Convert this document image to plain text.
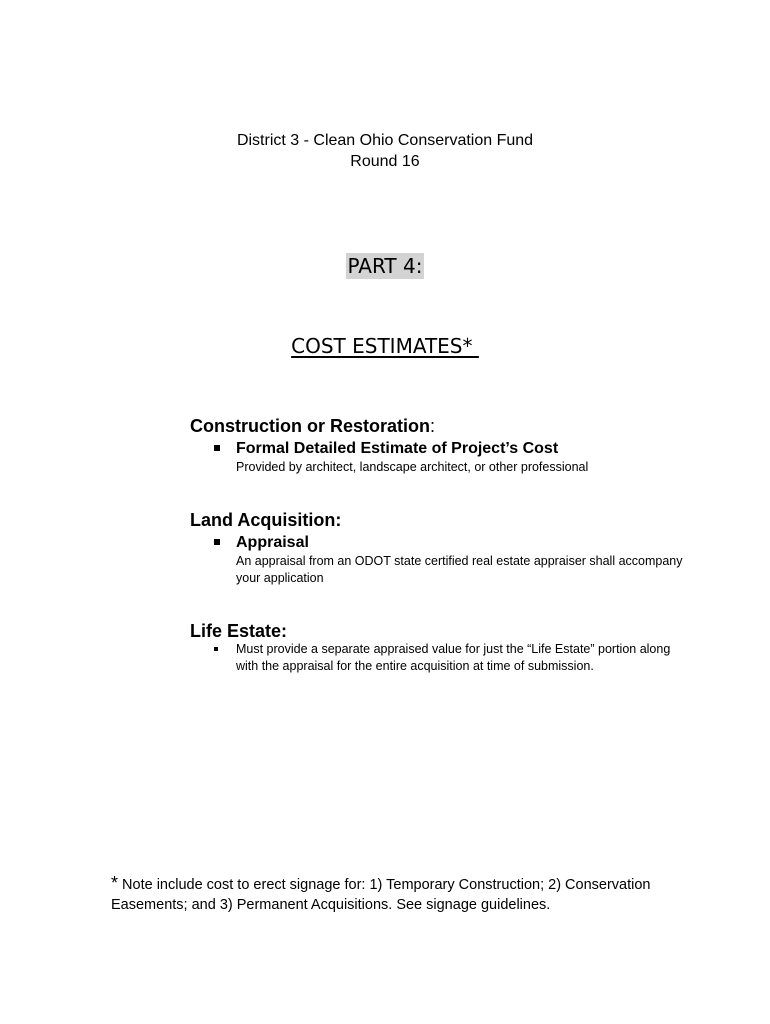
District 3 - Clean Ohio Conservation Fund
Round 16
PART 4:
COST ESTIMATES*
Construction or Restoration:
Formal Detailed Estimate of Project’s Cost
Provided by architect, landscape architect, or other professional
Land Acquisition:
Appraisal
An appraisal from an ODOT state certified real estate appraiser shall accompany your application
Life Estate:
Must provide a separate appraised value for just the “Life Estate” portion along with the appraisal for the entire acquisition at time of submission.
* Note include cost to erect signage for: 1) Temporary Construction; 2) Conservation Easements; and 3) Permanent Acquisitions. See signage guidelines.
